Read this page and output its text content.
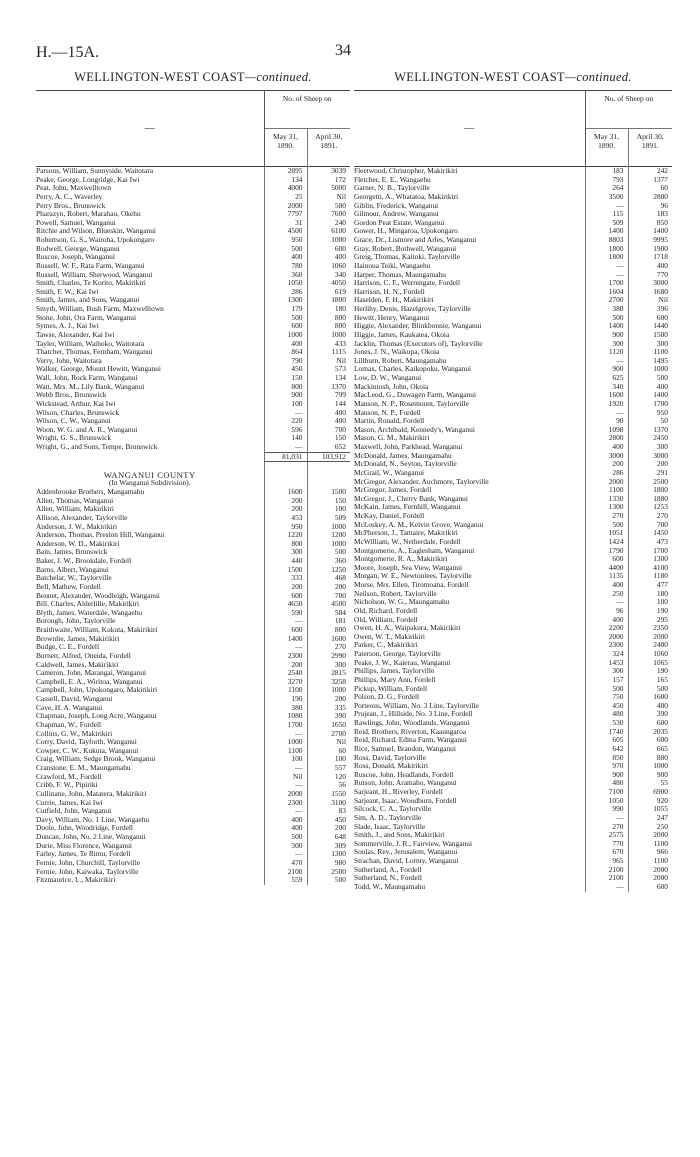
H.—15A.	34
WELLINGTON-WEST COAST—continued.
—	No. of Sheep on	
	May 31, 1890.	April 30, 1891.
Parsons, William, Sunnyside, Waitotara	2895	3039
Peake, George, Longridge, Kai Iwi	134	172
Peat, John, Maxwelltown	4000	5000
Perry, A. C., Waverley	25	Nil
Perry Bros., Brunswick	2000	580
Pharazyn, Robert, Marahau, Okehu	7797	7600
Powell, Samuel, Wanganui	31	240
Ritchie and Wilson, Blueskin, Wanganui	4500	6100
Robertson, G. S., Wairoha, Upokongaro	950	1000
Rodwell, George, Wanganui	500	600
Ruscoe, Joseph, Wanganui	400	400
Russell, W. F., Rata Farm, Wanganui	780	1060
Russell, William, Sherwood, Wanganui	360	340
Smith, Charles, Te Korito, Makirikiri	1050	4050
Smith, F. W., Kai Iwi	286	619
Smith, James, and Sons, Wanganui	1300	1800
Smyth, William, Bush Farm, Maxwelltown	179	180
Stone, John, Ora Farm, Wanganui	500	800
Symes, A. J., Kai Iwi	600	800
Tawse, Alexander, Kai Iwi	1000	1000
Tayler, William, Waihoko, Waitotara	400	433
Thatcher, Thomas, Fernham, Wanganui	864	1115
Verry, John, Waitotara	790	Nil
Walker, George, Mount Hewitt, Wanganui	450	573
Wall, John, Rock Farm, Wanganui	150	134
Watt, Mrs. M., Lily Bank, Wanganui	800	1370
Webb Bros., Brunswick	900	799
Wickstead, Arthur, Kai Iwi	100	144
Wilson, Charles, Brunswick	—	400
Wilson, C. W., Wanganui	220	400
Woon, W. G. and A. R., Wanganui	596	700
Wright, G. S., Brunswick	140	150
Wright, G., and Sons, Tempe, Brunswick	—	652
	81,031	103,912

WANGANUI COUNTY		
(In Wanganui Subdivision).		
Addenbrooke Brothers, Mangamahu	1600	1500
Allen, Thomas, Wanganui	200	150
Allen, William, Makirikiri	200	100
Allison, Alexander, Taylorville	453	509
Anderson, J. W., Makirikiri	950	1000
Anderson, Thomas, Preston Hill, Wanganui	1220	1200
Anderson, W. D., Makirikiri	800	1000
Bain, James, Brunswick	300	500
Baker, J. W., Brookdale, Fordell	440	360
Barns, Albert, Wanganui	1500	1250
Batchelar, W., Taylorville	333	468
Bell, Mathew, Fordell	200	200
Bennet, Alexander, Woodleigh, Wanganui	600	700
Bill, Charles, Alderlille, Makirikiri	4650	4500
Blyth, James, Waterdale, Wangaehu	590	584
Borough, John, Taylorville	—	181
Braithwaite, William, Kukuta, Makirikiri	600	800
Brownlie, James, Makirikiri	1400	1600
Budge, C. E., Fordell	—	270
Burnett, Alfred, Oneida, Fordell	2300	2990
Caldwell, James, Makirikiri	200	300
Cameron, John, Marangai, Wanganui	2540	2815
Campbell, E. A., Wiritoa, Wanganui	3270	3258
Campbell, John, Upokongaro, Makirikiri	1100	1000
Cassell, David, Wanganui	190	200
Cave, H. A. Wanganui	380	335
Chapman, Joseph, Long Acre, Wanganui	1080	390
Chapman, W., Fordell	1700	1650
Collins, G. W., Makirikiri	—	2700
Corry, David, Tayforth, Wanganui	1000	Nil
Cowper, C. W., Kukuta, Wanganui	1100	60
Craig, William, Sedge Brook, Wanganui	100	100
Cranstone, E. M., Maungamahu	—	557
Crawford, M., Fordell	Nil	120
Cribb, F. W., Pipiriki	—	56
Cullinane, John, Matatera, Makirikiri	2000	1550
Currie, James, Kai Iwi	2300	3100
Cutfield, John, Wanganui	—	83
Davy, William, No. 1 Line, Wangaehu	400	450
Doole, John, Woodridge, Fordell	400	200
Duncan, John, No. 2 Line, Wanganui	500	648
Durie, Miss Florence, Wanganui	300	309
Farley, James, Te Rimu, Fordell	—	1300
Fernie, John, Churchill, Taylorville	470	980
Fernie, John, Kaiwaka, Taylorville	2100	2500
Fitzmaurice, L., Makirikiri	559	500
WELLINGTON-WEST COAST—continued.
—	No. of Sheep on	
	May 31, 1890.	April 30, 1891.
Fleetwood, Christopher, Makirikiri	183	242
Fletcher, E. E., Wangaehu	793	1377
Garner, N. B., Taylorville	264	60
Georgetti, A., Whatatoa, Makirikiri	3500	2800
Giblin, Frederick, Wanganui	—	96
Gilmour, Andrew, Wanganui	115	183
Gordon Peat Estate, Wanganui	509	850
Gower, H., Mingaroa, Upokongaro	1400	1400
Grace, Dr., Lismore and Arles, Wanganui	8803	9995
Gray, Robert, Bothwell, Wanganui	1800	1900
Greig, Thomas, Kaitoki, Taylorville	1800	1718
Hainoua Teiki, Wangaehu	—	400
Harper, Thomas, Maungamahu	—	770
Harrison, C. F., Werrengate, Fordell	1700	3000
Harrison, H. N., Fordell	1604	1680
Haselden, F. H., Makirikiri	2700	Nil
Herlihy, Denis, Hazelgrove, Taylorville	380	396
Hewitt, Henry, Wanganui	500	600
Higgie, Alexander, Blinkbonnie, Wanganui	1400	1440
Higgie, James, Kaukatea, Okoia	900	1500
Jacklin, Thomas (Executors of), Taylorville	300	300
Jones, J. N., Waikupa, Okoia	1120	1100
Lillburn, Robert, Maungamahu	—	1495
Lomax, Charles, Kaikopoku, Wanganui	900	1000
Low, D. W., Wanganui	625	500
Mackintosh, John, Okoia	340	400
MacLeod, G., Duwagen Farm, Wanganui	1600	1400
Manson, N. P., Rosemount, Taylorville	1920	1700
Manson, N. P., Fordell	—	950
Martin, Ronald, Fordell	90	50
Mason, Archibald, Kennedy's, Wanganui	1098	1370
Mason, G. M., Makirikiri	2800	2450
Maxwell, John, Parkhead, Wanganui	400	300
McDonald, James, Maungamahu	3000	3000
McDonald, N., Seyton, Taylorville	200	200
McGrail, W., Wanganui	286	291
McGregor, Alexander, Auchmore, Taylorville	2000	2500
McGregor, James, Fordell	1100	1800
McGregor, J., Cherry Bank, Wanganui	1330	1880
McKain, James, Fernhill, Wanganui	1300	1253
McKay, Daniel, Fordell	270	270
McLoskey, A. M., Kelvin Grove, Wanganui	500	700
McPherson, J., Tamaire, Makirikiri	1051	1450
McWilliam, W., Netherdale, Fordell	1424	473
Montgomerie, A., Eaglesham, Wanganui	1790	1700
Montgomerie, R. A., Makirikiri	600	1300
Moore, Joseph, Sea View, Wanganui	4400	4100
Morgan, W. E., Newtonlees, Taylorville	1135	1180
Morse, Mrs. Ellen, Tiromoana, Fordell	400	477
Neilson, Robert, Taylorville	250	180
Nicholson, W. G., Maungamahu	—	100
Old, Richard, Fordell	96	190
Old, William, Fordell	400	295
Owen, H. A., Waipakura, Makirikiri	2200	2350
Owen, W. T., Makirikiri	2000	2000
Parker, C., Makirikiri	2300	2400
Paterson, George, Taylorville	324	1060
Peake, J. W., Kaierau, Wanganui	1453	1065
Phillips, James, Taylorville	300	190
Phillips, Mary Ann, Fordell	157	165
Pickup, William, Fordell	500	500
Polson, D. G., Fordell	750	1600
Porteous, William, No. 3 Line, Taylorville	450	480
Prujean, J., Hillside, No. 3 Line, Fordell	480	390
Rawlings, John, Woodlands, Wanganui	530	600
Reid, Brothers, Riverton, Kaaungaroa	1740	2035
Reid, Richard, Edina Farm, Wanganui	605	600
Rice, Samuel, Brandon, Wanganui	642	665
Ross, David, Taylorville	850	880
Ross, Donald, Makirikiri	970	1000
Ruscoe, John, Headlands, Fordell	900	900
Rutson, John, Aramaho, Wanganui	480	55
Sarjeant, H., Riverley, Fordell	7100	6900
Sarjeant, Isaac, Woodburn, Fordell	1050	920
Silcock, C. A., Taylorville	990	1055
Sim, A. D., Taylorville	—	247
Slade, Isaac, Taylorville	270	250
Smith, J., and Sons, Makirikiri	2575	2000
Sommerville, J. R., Fairview, Wanganui	770	1100
Soulas, Rev., Jerusalem, Wanganui	670	966
Strachan, David, Lornty, Wanganui	965	1100
Sutherland, A., Fordell	2100	2000
Sutherland, N., Fordell	2100	2000
Todd, W., Maungamahu	—	600
